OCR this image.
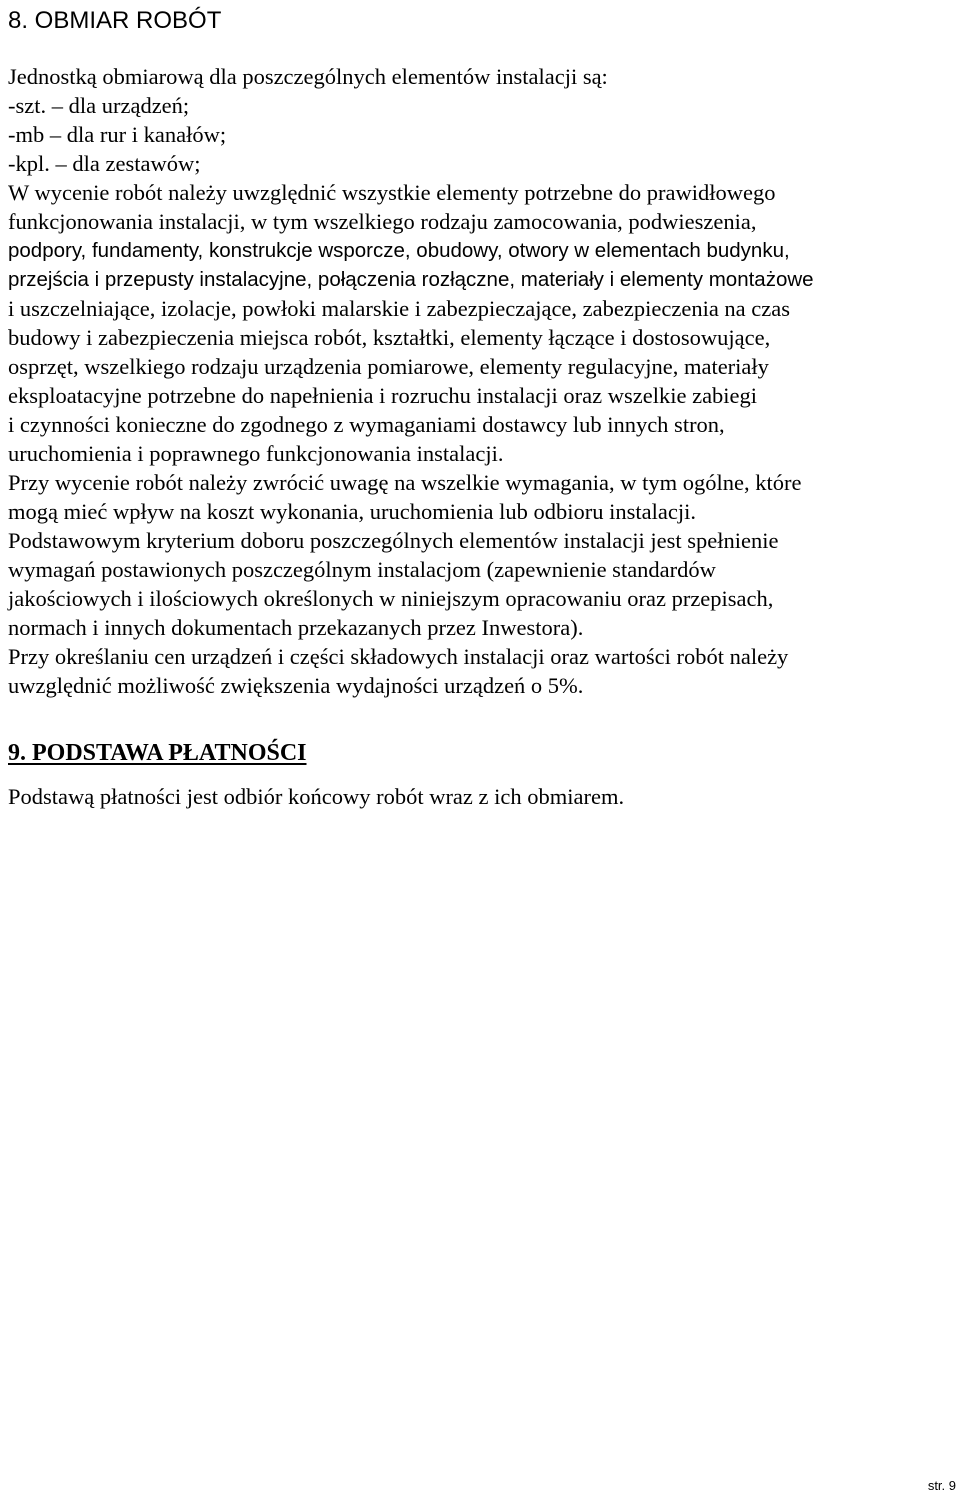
8. OBMIAR ROBÓT

Jednostką obmiarową dla poszczególnych elementów instalacji są:

-szt. – dla urządzeń;

-mb – dla rur i kanałów;

-kpl. – dla zestawów;

W wycenie robót należy uwzględnić wszystkie elementy potrzebne do prawidłowego

funkcjonowania instalacji, w tym wszelkiego rodzaju zamocowania, podwieszenia,

podpory, fundamenty, konstrukcje wsporcze, obudowy, otwory w elementach budynku,

przejścia i przepusty instalacyjne, połączenia rozłączne, materiały i elementy montażowe

i uszczelniające, izolacje, powłoki malarskie i zabezpieczające, zabezpieczenia na czas

budowy i zabezpieczenia miejsca robót, kształtki, elementy łączące i dostosowujące,

osprzęt, wszelkiego rodzaju urządzenia pomiarowe, elementy regulacyjne, materiały

eksploatacyjne potrzebne do napełnienia i rozruchu instalacji oraz wszelkie zabiegi

i czynności konieczne do zgodnego z wymaganiami dostawcy lub innych stron,

uruchomienia i poprawnego funkcjonowania instalacji.

Przy wycenie robót należy zwrócić uwagę na wszelkie wymagania, w tym ogólne, które

mogą mieć wpływ na koszt wykonania, uruchomienia lub odbioru instalacji.

Podstawowym kryterium doboru poszczególnych elementów instalacji jest spełnienie

wymagań postawionych poszczególnym instalacjom (zapewnienie standardów

jakościowych i ilościowych określonych w niniejszym opracowaniu oraz przepisach,

normach i innych dokumentach przekazanych przez Inwestora).

Przy określaniu cen urządzeń i części składowych instalacji oraz wartości robót należy

uwzględnić możliwość zwiększenia wydajności urządzeń o 5%.

9. PODSTAWA PŁATNOŚCI

Podstawą płatności jest odbiór końcowy robót wraz z ich obmiarem.

str. 9
